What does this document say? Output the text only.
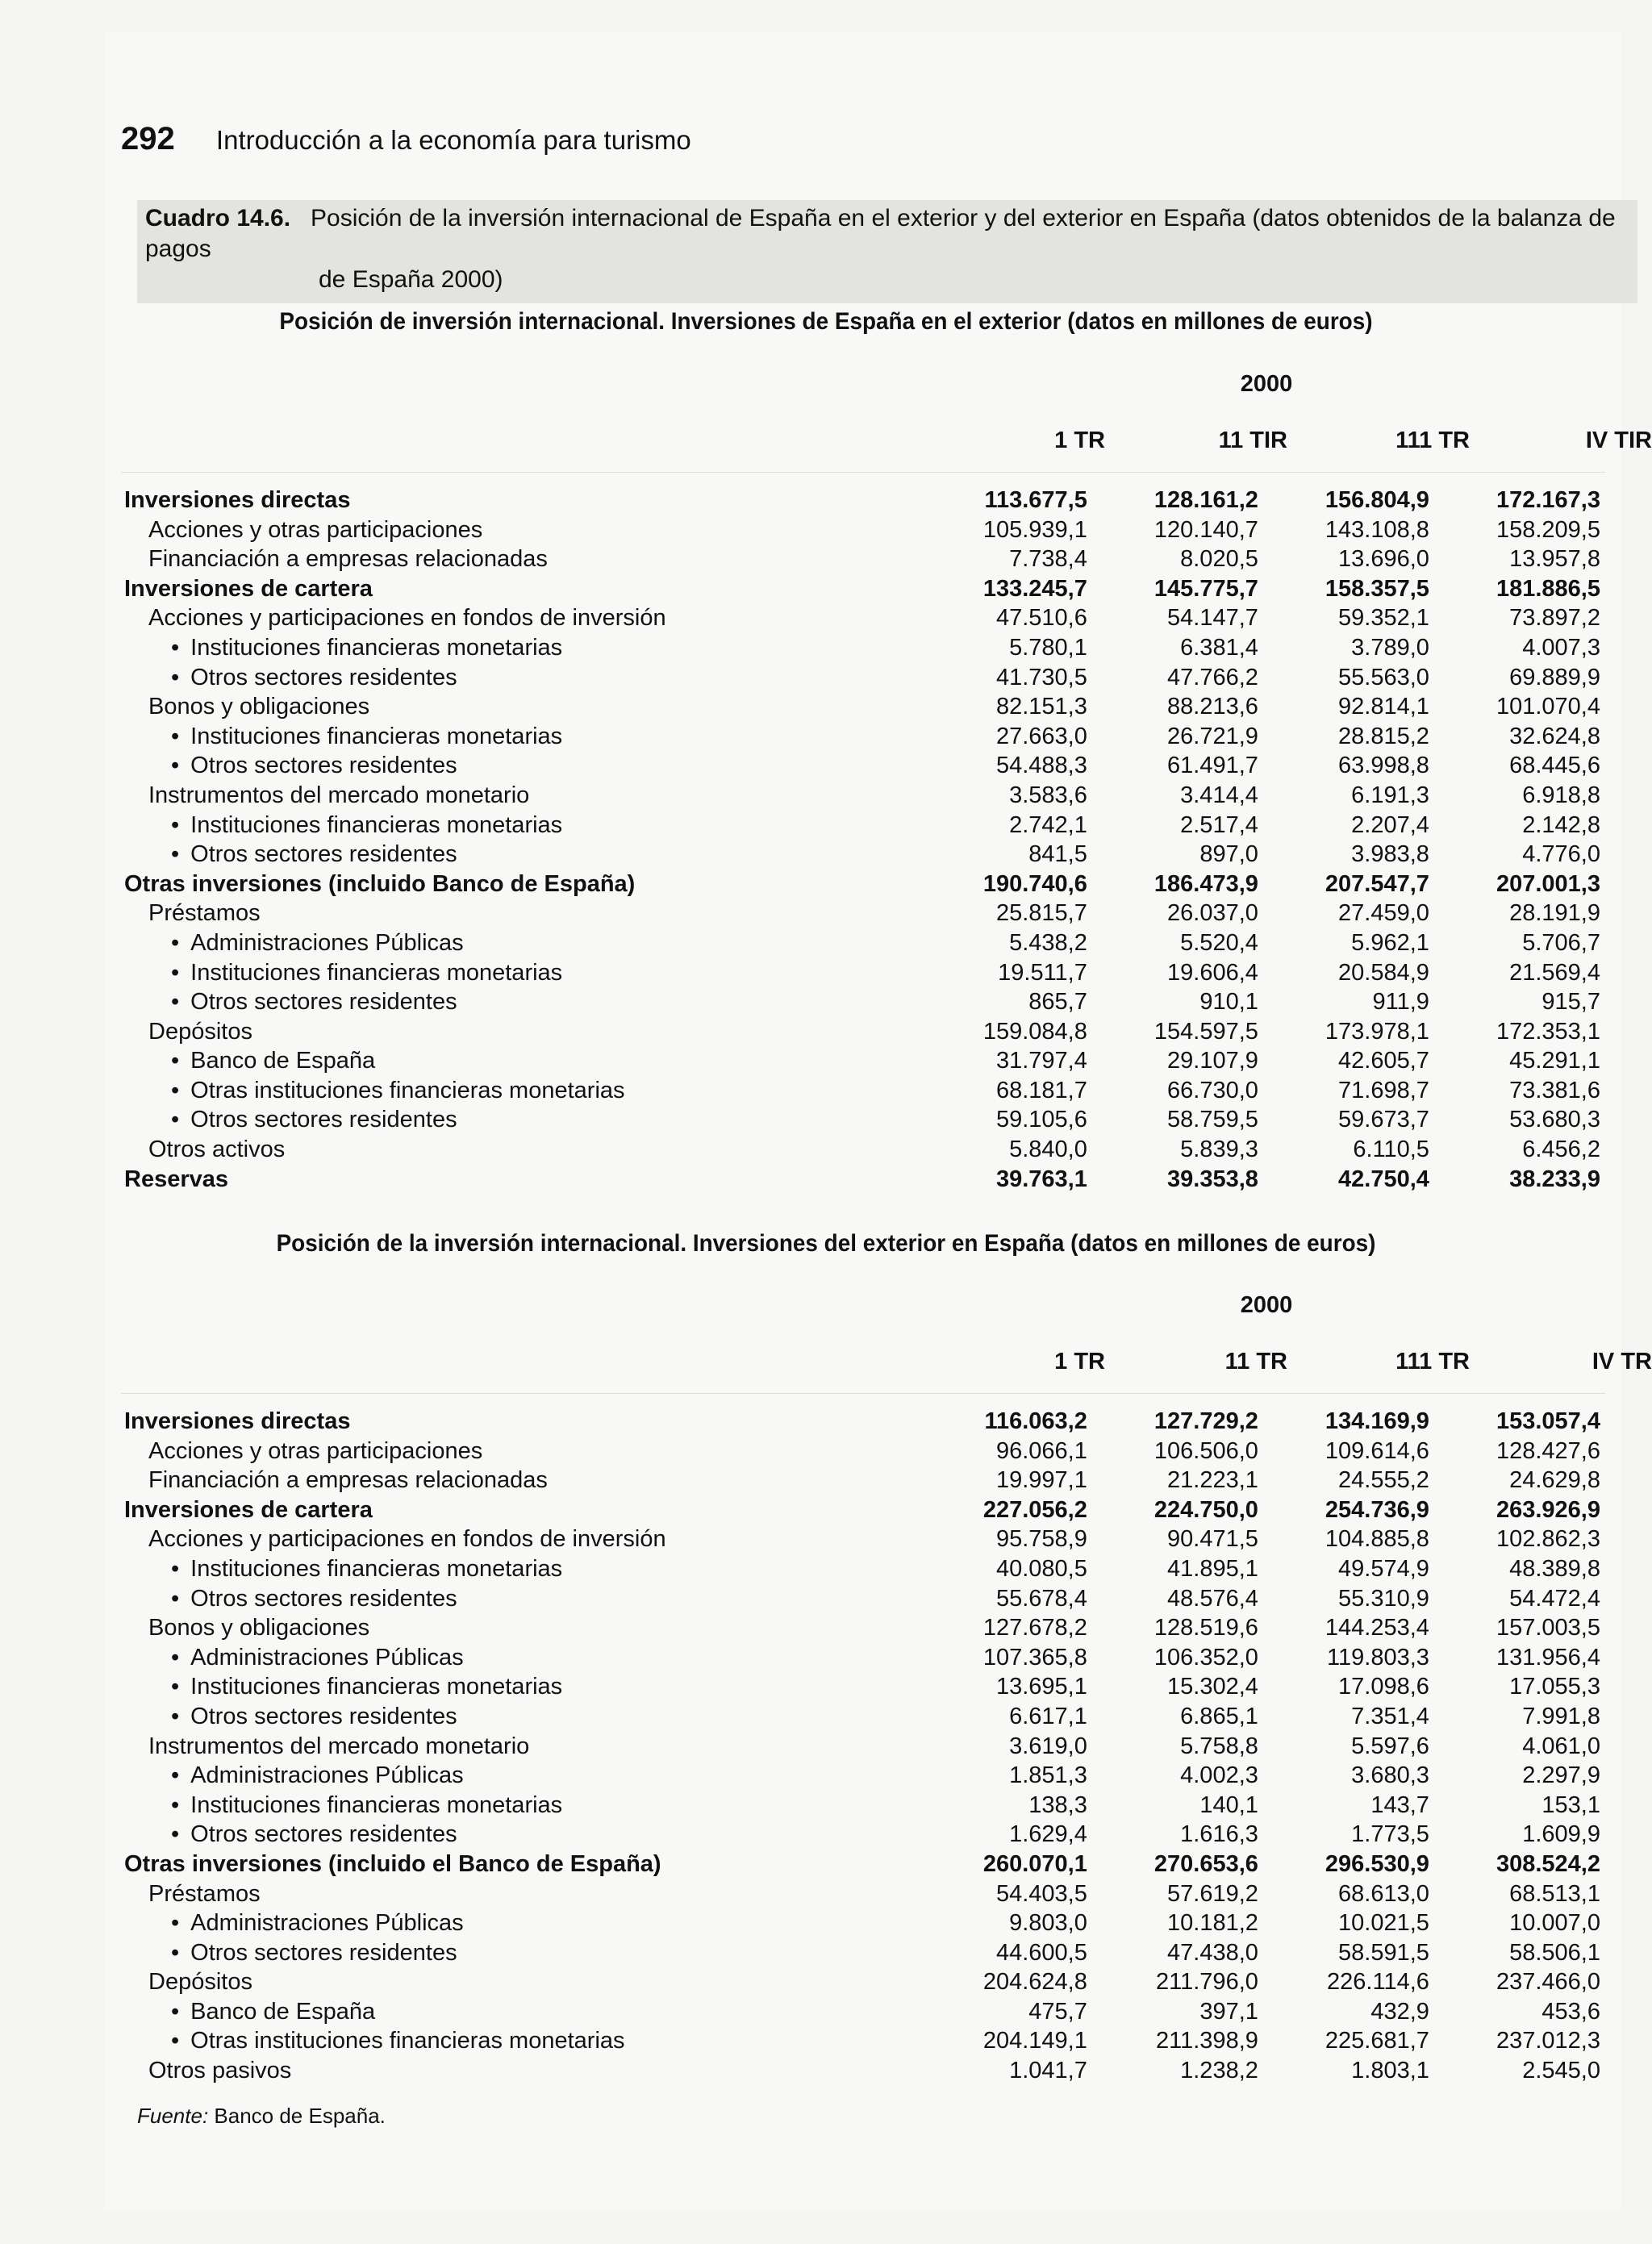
292 Introducción a la economía para turismo
Cuadro 14.6. Posición de la inversión internacional de España en el exterior y del exterior en España (datos obtenidos de la balanza de pagos
de España 2000)
Posición de inversión internacional. Inversiones de España en el exterior (datos en millones de euros)
2000
1 TR	11 TIR	111 TR	IV TIR
Inversiones directas	113.677,5	128.161,2	156.804,9	172.167,3
Acciones y otras participaciones	105.939,1	120.140,7	143.108,8	158.209,5
Financiación a empresas relacionadas	7.738,4	8.020,5	13.696,0	13.957,8
Inversiones de cartera	133.245,7	145.775,7	158.357,5	181.886,5
Acciones y participaciones en fondos de inversión	47.510,6	54.147,7	59.352,1	73.897,2
• Instituciones financieras monetarias	5.780,1	6.381,4	3.789,0	4.007,3
• Otros sectores residentes	41.730,5	47.766,2	55.563,0	69.889,9
Bonos y obligaciones	82.151,3	88.213,6	92.814,1	101.070,4
• Instituciones financieras monetarias	27.663,0	26.721,9	28.815,2	32.624,8
• Otros sectores residentes	54.488,3	61.491,7	63.998,8	68.445,6
Instrumentos del mercado monetario	3.583,6	3.414,4	6.191,3	6.918,8
• Instituciones financieras monetarias	2.742,1	2.517,4	2.207,4	2.142,8
• Otros sectores residentes	841,5	897,0	3.983,8	4.776,0
Otras inversiones (incluido Banco de España)	190.740,6	186.473,9	207.547,7	207.001,3
Préstamos	25.815,7	26.037,0	27.459,0	28.191,9
• Administraciones Públicas	5.438,2	5.520,4	5.962,1	5.706,7
• Instituciones financieras monetarias	19.511,7	19.606,4	20.584,9	21.569,4
• Otros sectores residentes	865,7	910,1	911,9	915,7
Depósitos	159.084,8	154.597,5	173.978,1	172.353,1
• Banco de España	31.797,4	29.107,9	42.605,7	45.291,1
• Otras instituciones financieras monetarias	68.181,7	66.730,0	71.698,7	73.381,6
• Otros sectores residentes	59.105,6	58.759,5	59.673,7	53.680,3
Otros activos	5.840,0	5.839,3	6.110,5	6.456,2
Reservas	39.763,1	39.353,8	42.750,4	38.233,9
Posición de la inversión internacional. Inversiones del exterior en España (datos en millones de euros)
2000
1 TR	11 TR	111 TR	IV TR
Inversiones directas	116.063,2	127.729,2	134.169,9	153.057,4
Acciones y otras participaciones	96.066,1	106.506,0	109.614,6	128.427,6
Financiación a empresas relacionadas	19.997,1	21.223,1	24.555,2	24.629,8
Inversiones de cartera	227.056,2	224.750,0	254.736,9	263.926,9
Acciones y participaciones en fondos de inversión	95.758,9	90.471,5	104.885,8	102.862,3
• Instituciones financieras monetarias	40.080,5	41.895,1	49.574,9	48.389,8
• Otros sectores residentes	55.678,4	48.576,4	55.310,9	54.472,4
Bonos y obligaciones	127.678,2	128.519,6	144.253,4	157.003,5
• Administraciones Públicas	107.365,8	106.352,0	119.803,3	131.956,4
• Instituciones financieras monetarias	13.695,1	15.302,4	17.098,6	17.055,3
• Otros sectores residentes	6.617,1	6.865,1	7.351,4	7.991,8
Instrumentos del mercado monetario	3.619,0	5.758,8	5.597,6	4.061,0
• Administraciones Públicas	1.851,3	4.002,3	3.680,3	2.297,9
• Instituciones financieras monetarias	138,3	140,1	143,7	153,1
• Otros sectores residentes	1.629,4	1.616,3	1.773,5	1.609,9
Otras inversiones (incluido el Banco de España)	260.070,1	270.653,6	296.530,9	308.524,2
Préstamos	54.403,5	57.619,2	68.613,0	68.513,1
• Administraciones Públicas	9.803,0	10.181,2	10.021,5	10.007,0
• Otros sectores residentes	44.600,5	47.438,0	58.591,5	58.506,1
Depósitos	204.624,8	211.796,0	226.114,6	237.466,0
• Banco de España	475,7	397,1	432,9	453,6
• Otras instituciones financieras monetarias	204.149,1	211.398,9	225.681,7	237.012,3
Otros pasivos	1.041,7	1.238,2	1.803,1	2.545,0
Fuente: Banco de España.
